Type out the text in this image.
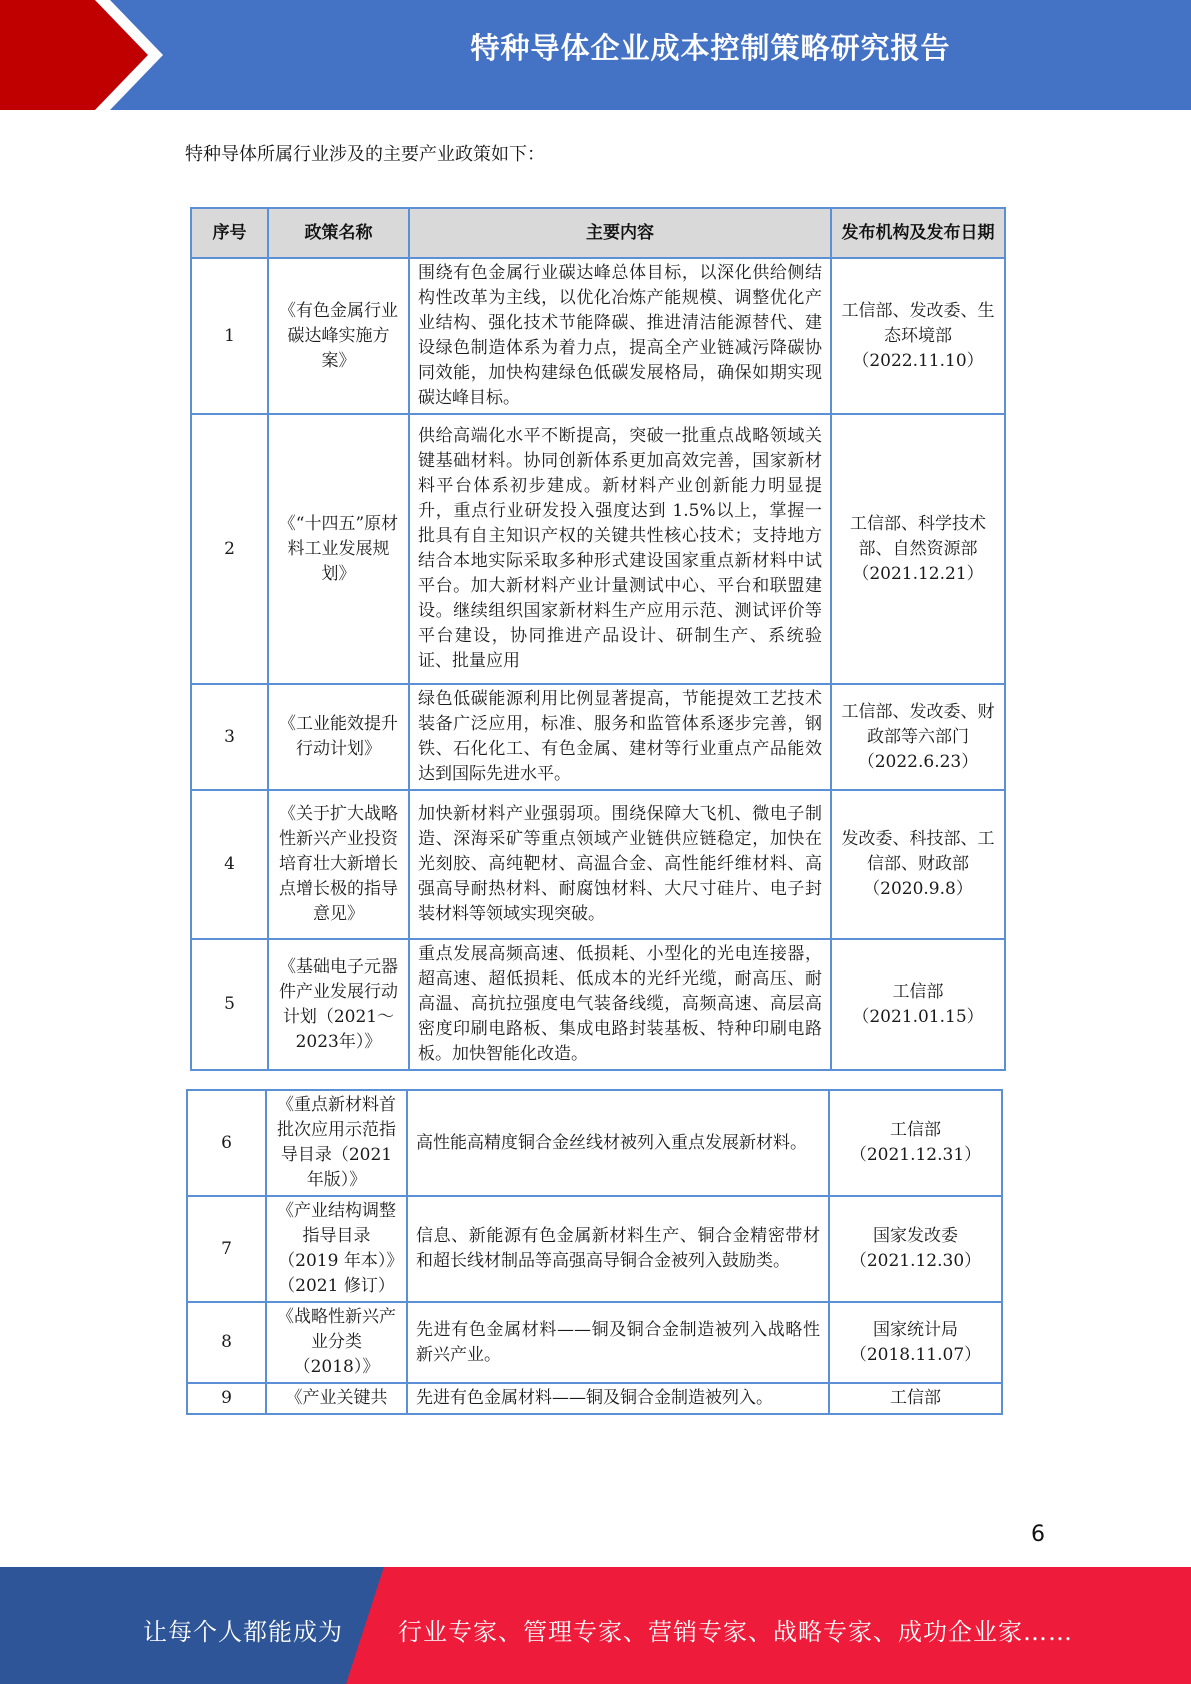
特种导体企业成本控制策略研究报告
特种导体所属行业涉及的主要产业政策如下：
序号	政策名称	主要内容	发布机构及发布日期
1	《有色金属行业碳达峰实施方案》	围绕有色金属行业碳达峰总体目标，以深化供给侧结构性改革为主线，以优化冶炼产能规模、调整优化产业结构、强化技术节能降碳、推进清洁能源替代、建设绿色制造体系为着力点，提高全产业链减污降碳协同效能，加快构建绿色低碳发展格局，确保如期实现碳达峰目标。	工信部、发改委、生态环境部（2022.11.10）
2	《“十四五”原材料工业发展规划》	供给高端化水平不断提高，突破一批重点战略领域关键基础材料。协同创新体系更加高效完善，国家新材料平台体系初步建成。新材料产业创新能力明显提升，重点行业研发投入强度达到 1.5%以上，掌握一批具有自主知识产权的关键共性核心技术；支持地方结合本地实际采取多种形式建设国家重点新材料中试平台。加大新材料产业计量测试中心、平台和联盟建设。继续组织国家新材料生产应用示范、测试评价等平台建设，协同推进产品设计、研制生产、系统验证、批量应用	工信部、科学技术部、自然资源部（2021.12.21）
3	《工业能效提升行动计划》	绿色低碳能源利用比例显著提高，节能提效工艺技术装备广泛应用，标准、服务和监管体系逐步完善，钢铁、石化化工、有色金属、建材等行业重点产品能效达到国际先进水平。	工信部、发改委、财政部等六部门（2022.6.23）
4	《关于扩大战略性新兴产业投资培育壮大新增长点增长极的指导意见》	加快新材料产业强弱项。围绕保障大飞机、微电子制造、深海采矿等重点领域产业链供应链稳定，加快在光刻胶、高纯靶材、高温合金、高性能纤维材料、高强高导耐热材料、耐腐蚀材料、大尺寸硅片、电子封装材料等领域实现突破。	发改委、科技部、工信部、财政部（2020.9.8）
5	《基础电子元器件产业发展行动计划（2021～2023年）》	重点发展高频高速、低损耗、小型化的光电连接器，超高速、超低损耗、低成本的光纤光缆，耐高压、耐高温、高抗拉强度电气装备线缆，高频高速、高层高密度印刷电路板、集成电路封装基板、特种印刷电路板。加快智能化改造。	工信部（2021.01.15）
6	《重点新材料首批次应用示范指导目录（2021 年版）》	高性能高精度铜合金丝线材被列入重点发展新材料。	工信部（2021.12.31）
7	《产业结构调整指导目录（2019 年本）》（2021 修订）	信息、新能源有色金属新材料生产、铜合金精密带材和超长线材制品等高强高导铜合金被列入鼓励类。	国家发改委（2021.12.30）
8	《战略性新兴产业分类（2018）》	先进有色金属材料——铜及铜合金制造被列入战略性新兴产业。	国家统计局（2018.11.07）
9	《产业关键共	先进有色金属材料——铜及铜合金制造被列入。	工信部
6
让每个人都能成为 行业专家、管理专家、营销专家、战略专家、成功企业家……
